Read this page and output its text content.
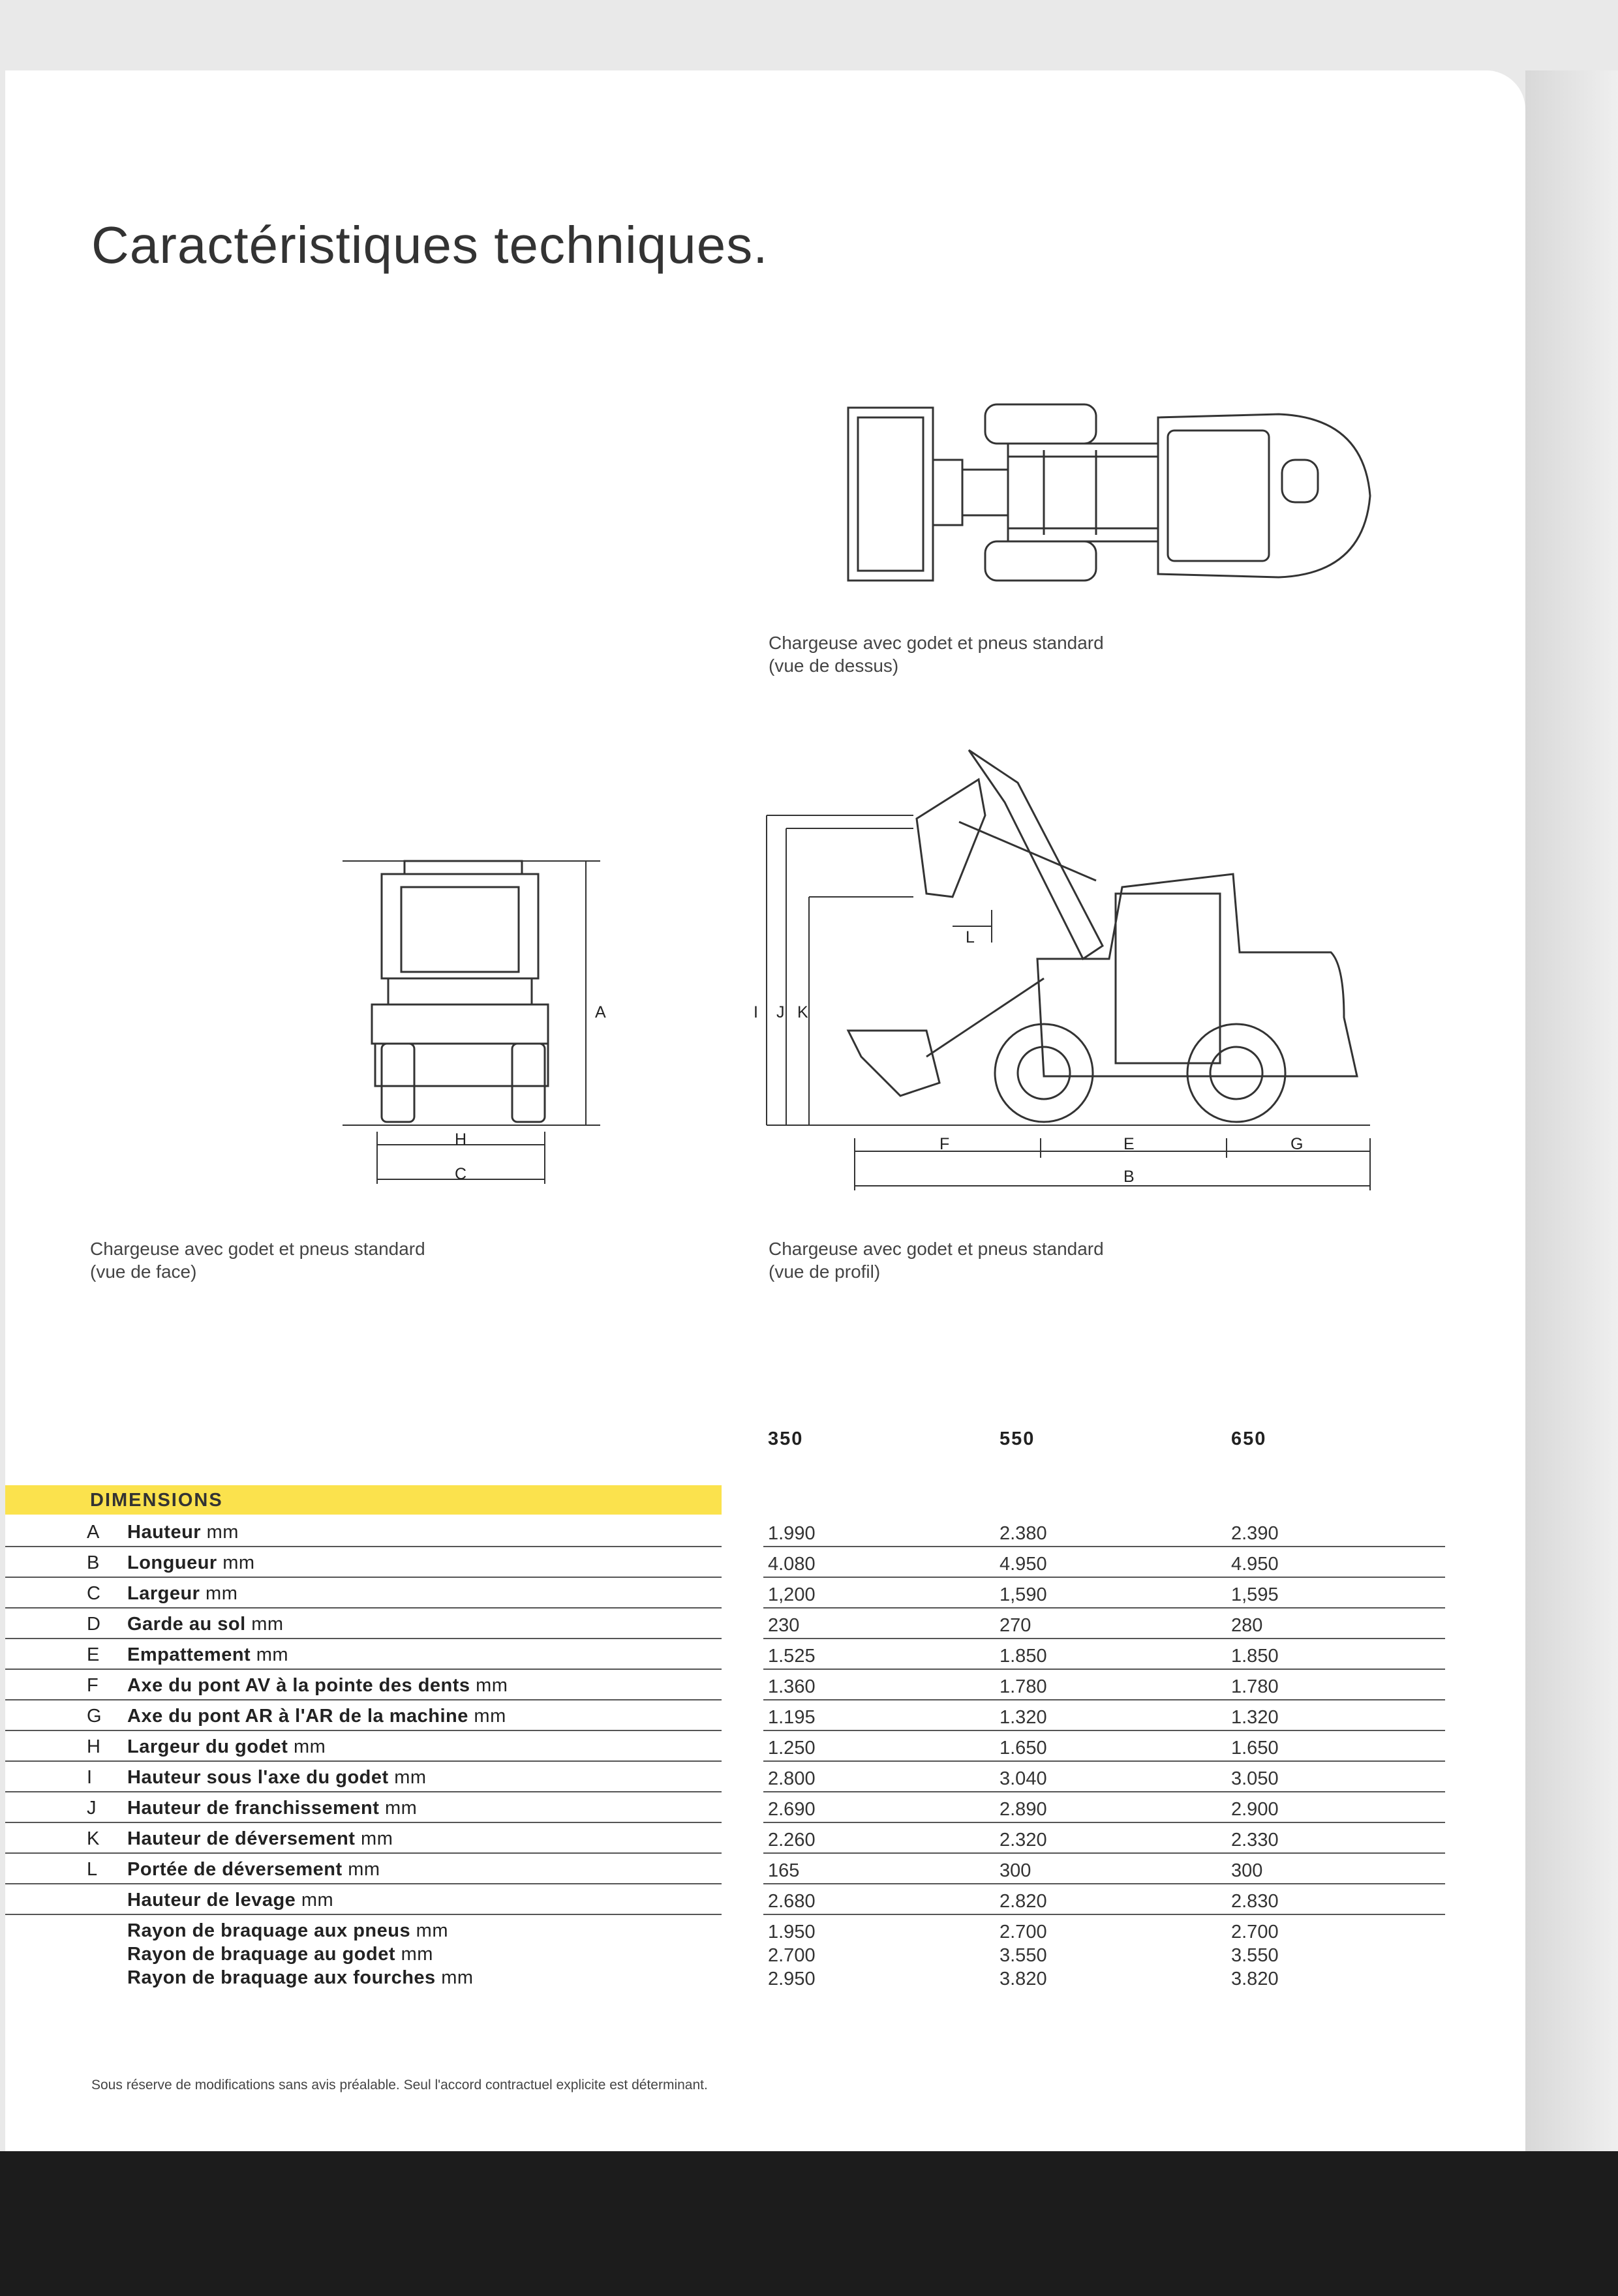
Caractéristiques techniques.
A
H
C
I J K
L
F	E	G
B
Chargeuse avec godet et pneus standard
(vue de dessus)
Chargeuse avec godet et pneus standard
(vue de face)
Chargeuse avec godet et pneus standard
(vue de profil)
350	550	650
DIMENSIONS
A Hauteur mm	1.990	2.380	2.390
B Longueur mm	4.080	4.950	4.950
C Largeur mm	1,200	1,590	1,595
D Garde au sol mm	230	270	280
E Empattement mm	1.525	1.850	1.850
F Axe du pont AV à la pointe des dents mm	1.360	1.780	1.780
G Axe du pont AR à l'AR de la machine mm	1.195	1.320	1.320
H Largeur du godet mm	1.250	1.650	1.650
I Hauteur sous l'axe du godet mm	2.800	3.040	3.050
J Hauteur de franchissement mm	2.690	2.890	2.900
K Hauteur de déversement mm	2.260	2.320	2.330
L Portée de déversement mm	165	300	300
Hauteur de levage mm	2.680	2.820	2.830
Rayon de braquage aux pneus mm	1.950	2.700	2.700
Rayon de braquage au godet mm	2.700	3.550	3.550
Rayon de braquage aux fourches mm	2.950	3.820	3.820
Sous réserve de modifications sans avis préalable. Seul l'accord contractuel explicite est déterminant.
